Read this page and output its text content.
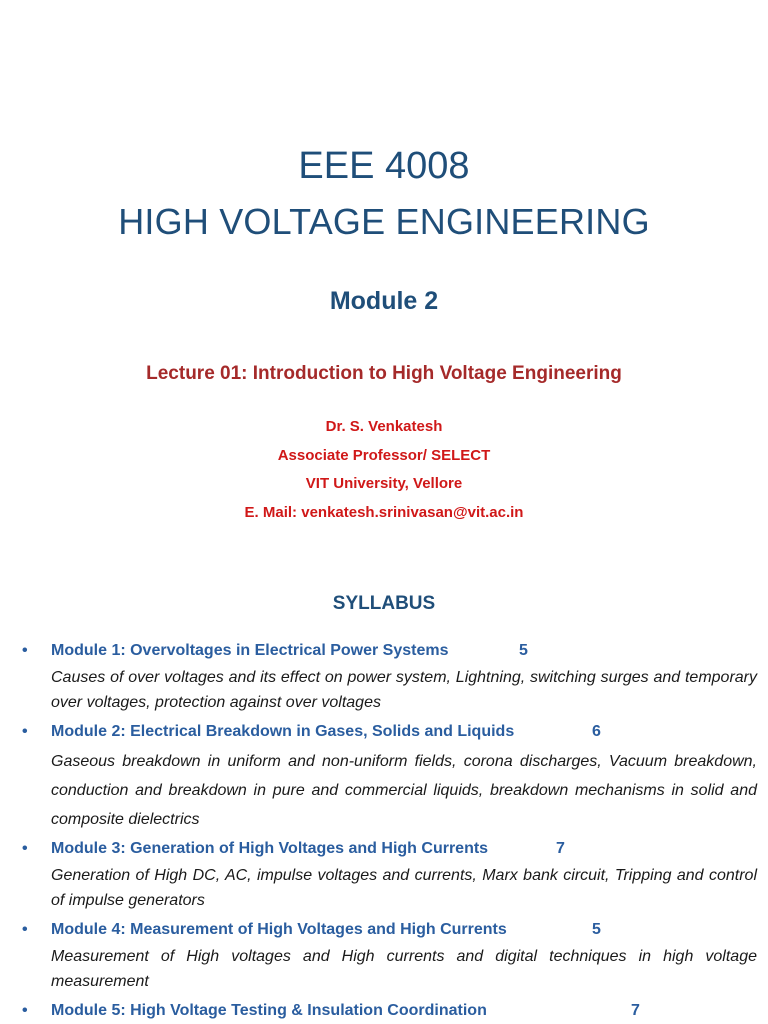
EEE 4008
HIGH VOLTAGE ENGINEERING
Module 2
Lecture 01: Introduction to High Voltage Engineering
Dr. S. Venkatesh
Associate Professor/ SELECT
VIT University, Vellore
E. Mail: venkatesh.srinivasan@vit.ac.in
SYLLABUS
• Module 1: Overvoltages in Electrical Power Systems	5
Causes of over voltages and its effect on power system, Lightning, switching surges and temporary over voltages, protection against over voltages
• Module 2: Electrical Breakdown in Gases, Solids and Liquids	6
Gaseous breakdown in uniform and non-uniform fields, corona discharges, Vacuum breakdown, conduction and breakdown in pure and commercial liquids, breakdown mechanisms in solid and composite dielectrics
• Module 3: Generation of High Voltages and High Currents	7
Generation of High DC, AC, impulse voltages and currents, Marx bank circuit, Tripping and control of impulse generators
• Module 4: Measurement of High Voltages and High Currents	5
Measurement of High voltages and High currents and digital techniques in high voltage measurement
• Module 5: High Voltage Testing & Insulation Coordination	7
